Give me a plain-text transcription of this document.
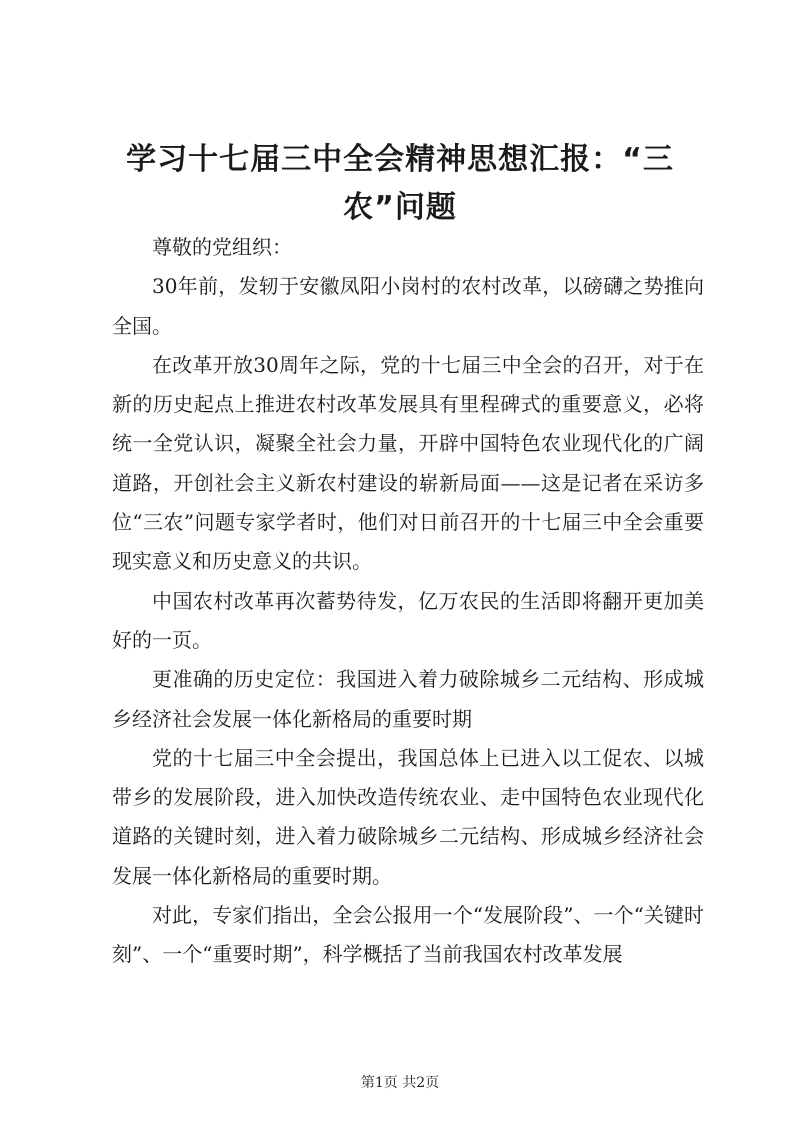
学习十七届三中全会精神思想汇报：“三农”问题

尊敬的党组织：

30年前，发轫于安徽凤阳小岗村的农村改革，以磅礴之势推向全国。

在改革开放30周年之际，党的十七届三中全会的召开，对于在新的历史起点上推进农村改革发展具有里程碑式的重要意义，必将统一全党认识，凝聚全社会力量，开辟中国特色农业现代化的广阔道路，开创社会主义新农村建设的崭新局面——这是记者在采访多位“三农”问题专家学者时，他们对日前召开的十七届三中全会重要现实意义和历史意义的共识。

中国农村改革再次蓄势待发，亿万农民的生活即将翻开更加美好的一页。

更准确的历史定位：我国进入着力破除城乡二元结构、形成城乡经济社会发展一体化新格局的重要时期

党的十七届三中全会提出，我国总体上已进入以工促农、以城带乡的发展阶段，进入加快改造传统农业、走中国特色农业现代化道路的关键时刻，进入着力破除城乡二元结构、形成城乡经济社会发展一体化新格局的重要时期。

对此，专家们指出，全会公报用一个“发展阶段”、一个“关键时刻”、一个“重要时期”，科学概括了当前我国农村改革发展

第1页 共2页
